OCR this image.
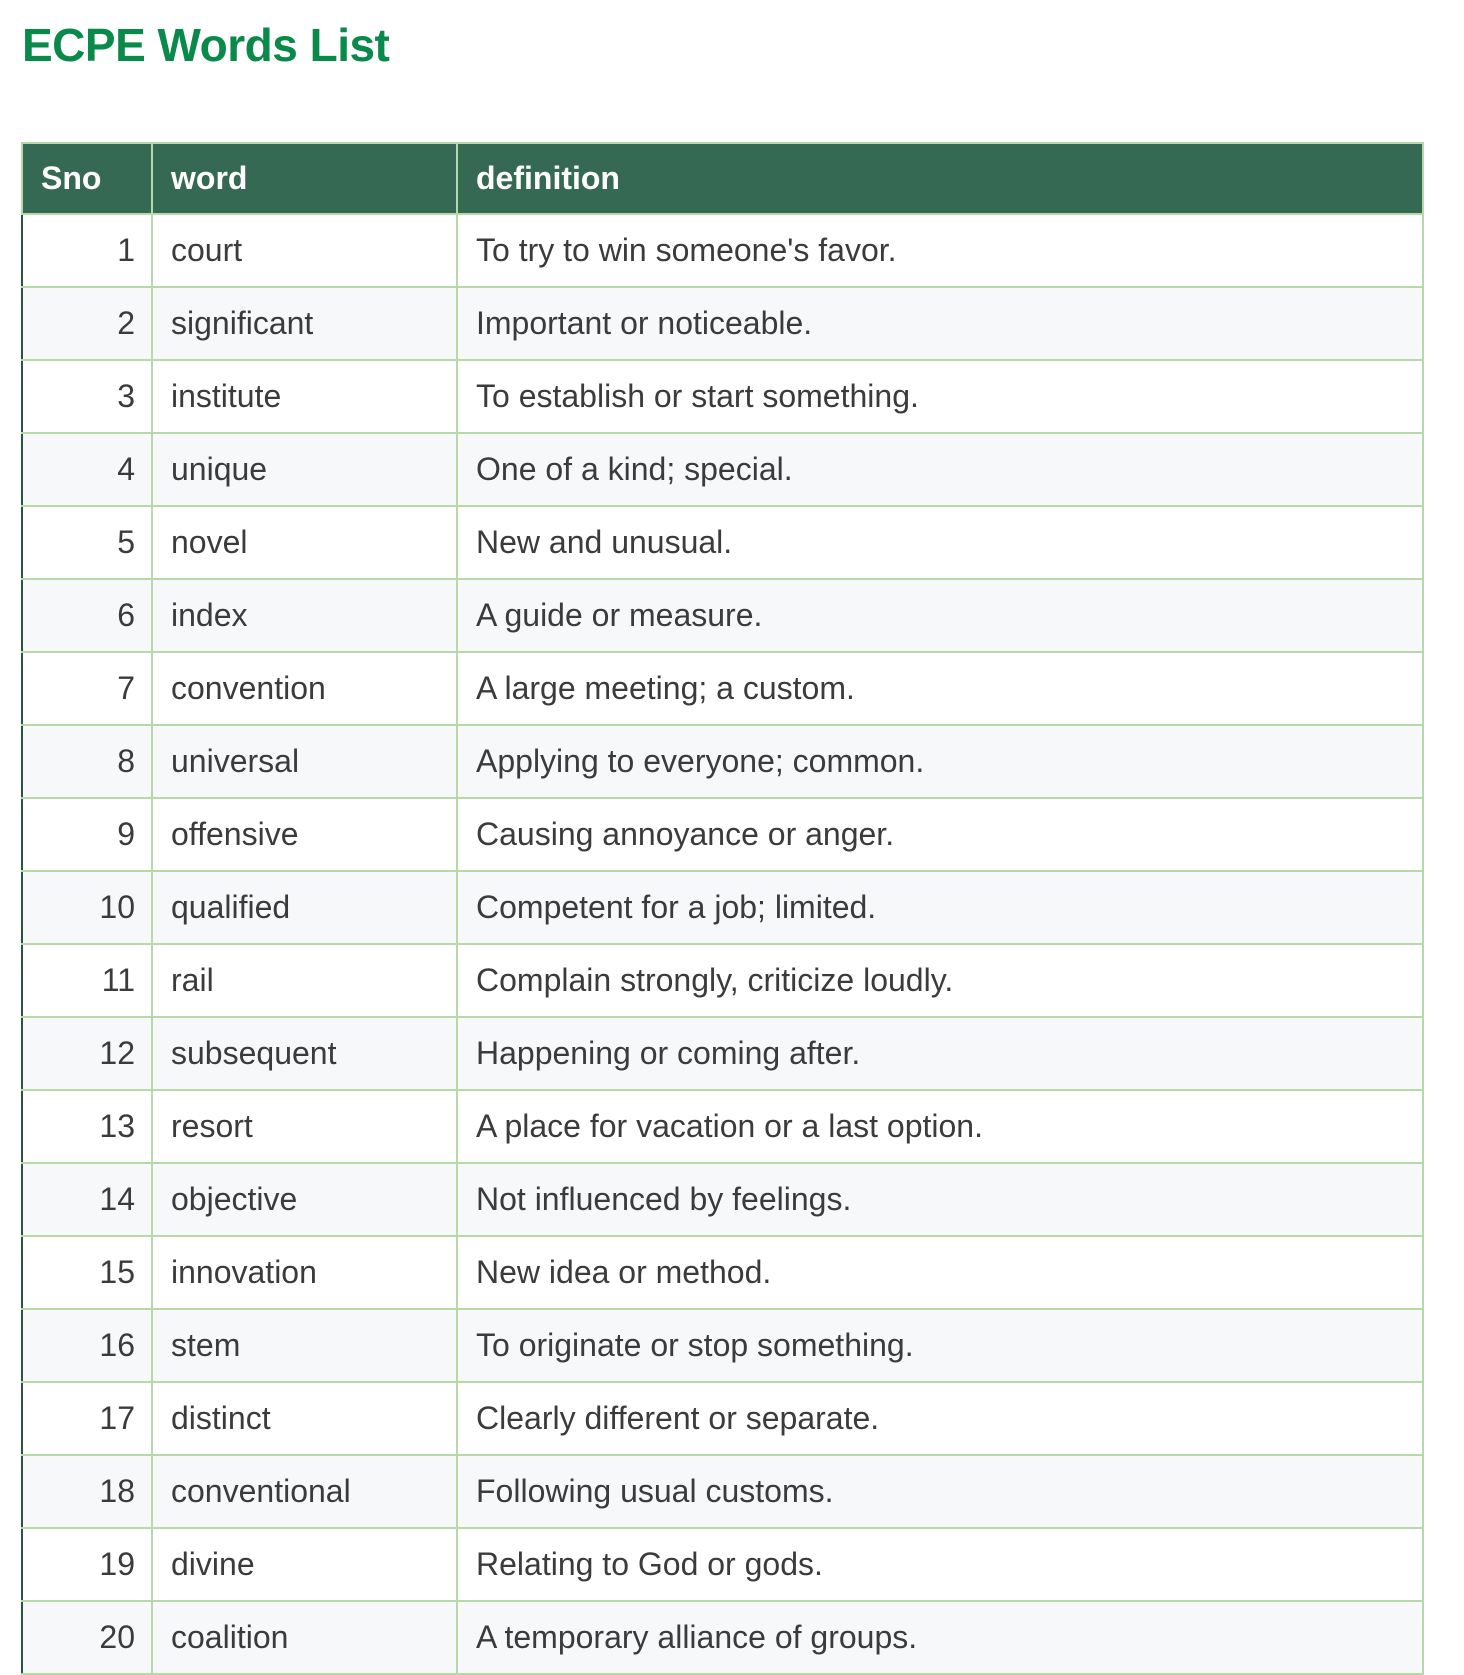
ECPE Words List
Sno	word	definition
1	court	To try to win someone's favor.
2	significant	Important or noticeable.
3	institute	To establish or start something.
4	unique	One of a kind; special.
5	novel	New and unusual.
6	index	A guide or measure.
7	convention	A large meeting; a custom.
8	universal	Applying to everyone; common.
9	offensive	Causing annoyance or anger.
10	qualified	Competent for a job; limited.
11	rail	Complain strongly, criticize loudly.
12	subsequent	Happening or coming after.
13	resort	A place for vacation or a last option.
14	objective	Not influenced by feelings.
15	innovation	New idea or method.
16	stem	To originate or stop something.
17	distinct	Clearly different or separate.
18	conventional	Following usual customs.
19	divine	Relating to God or gods.
20	coalition	A temporary alliance of groups.
